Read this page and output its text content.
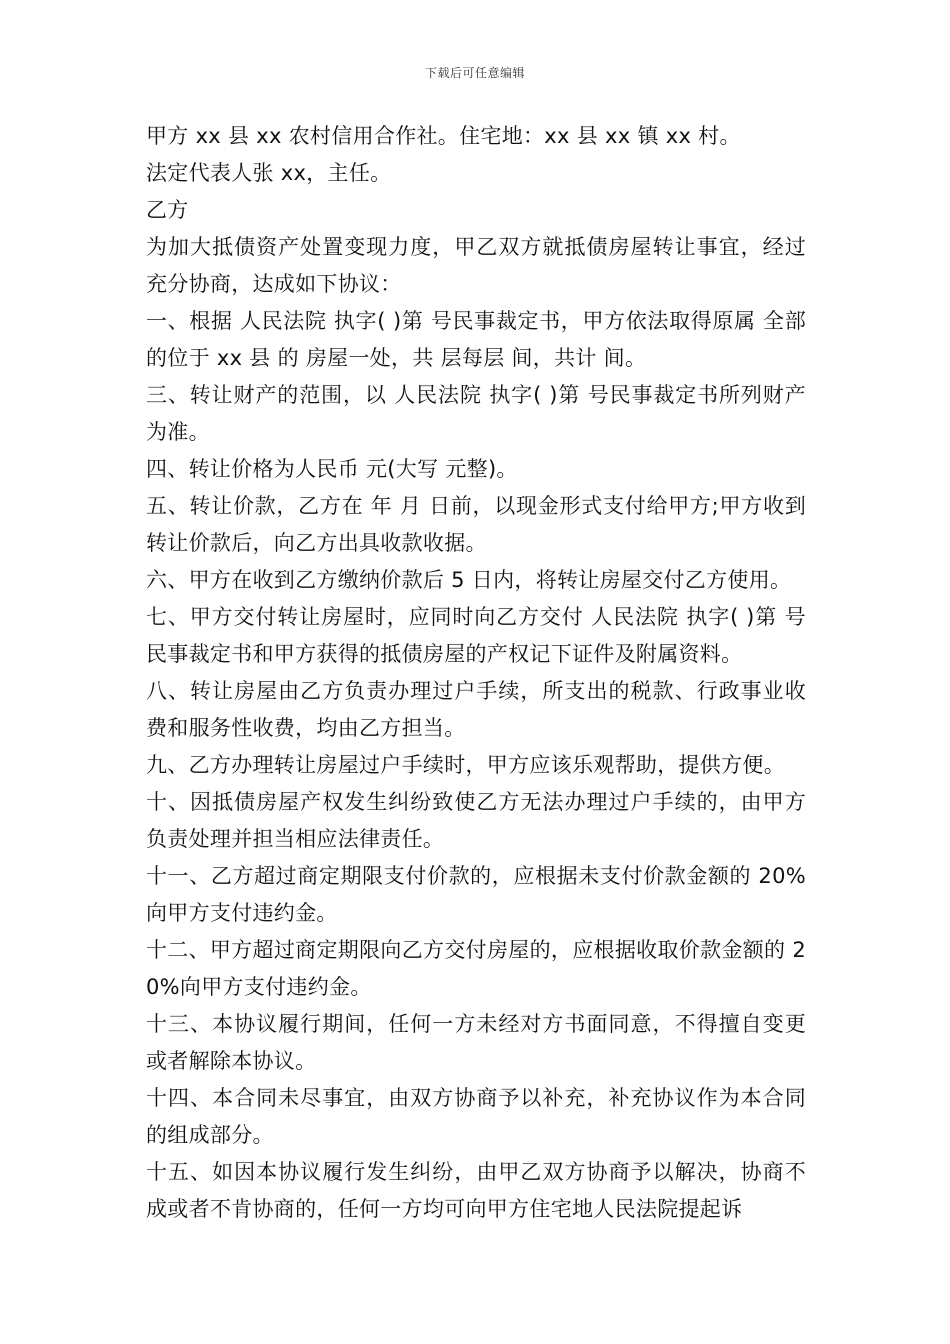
下载后可任意编辑

甲方 xx 县 xx 农村信用合作社。住宅地：xx 县 xx 镇 xx 村。

法定代表人张 xx，主任。

乙方

为加大抵债资产处置变现力度，甲乙双方就抵债房屋转让事宜，经过充分协商，达成如下协议：

一、根据 人民法院 执字( )第 号民事裁定书，甲方依法取得原属 全部的位于 xx 县 的 房屋一处，共 层每层 间，共计 间。

三、转让财产的范围，以 人民法院 执字( )第 号民事裁定书所列财产为准。

四、转让价格为人民币 元(大写 元整)。

五、转让价款，乙方在 年 月 日前，以现金形式支付给甲方;甲方收到转让价款后，向乙方出具收款收据。

六、甲方在收到乙方缴纳价款后 5 日内，将转让房屋交付乙方使用。

七、甲方交付转让房屋时，应同时向乙方交付 人民法院 执字( )第 号民事裁定书和甲方获得的抵债房屋的产权记下证件及附属资料。

八、转让房屋由乙方负责办理过户手续，所支出的税款、行政事业收费和服务性收费，均由乙方担当。

九、乙方办理转让房屋过户手续时，甲方应该乐观帮助，提供方便。

十、因抵债房屋产权发生纠纷致使乙方无法办理过户手续的，由甲方负责处理并担当相应法律责任。

十一、乙方超过商定期限支付价款的，应根据未支付价款金额的 20%向甲方支付违约金。

十二、甲方超过商定期限向乙方交付房屋的，应根据收取价款金额的 20%向甲方支付违约金。

十三、本协议履行期间，任何一方未经对方书面同意，不得擅自变更或者解除本协议。

十四、本合同未尽事宜，由双方协商予以补充，补充协议作为本合同的组成部分。

十五、如因本协议履行发生纠纷，由甲乙双方协商予以解决，协商不成或者不肯协商的，任何一方均可向甲方住宅地人民法院提起诉
